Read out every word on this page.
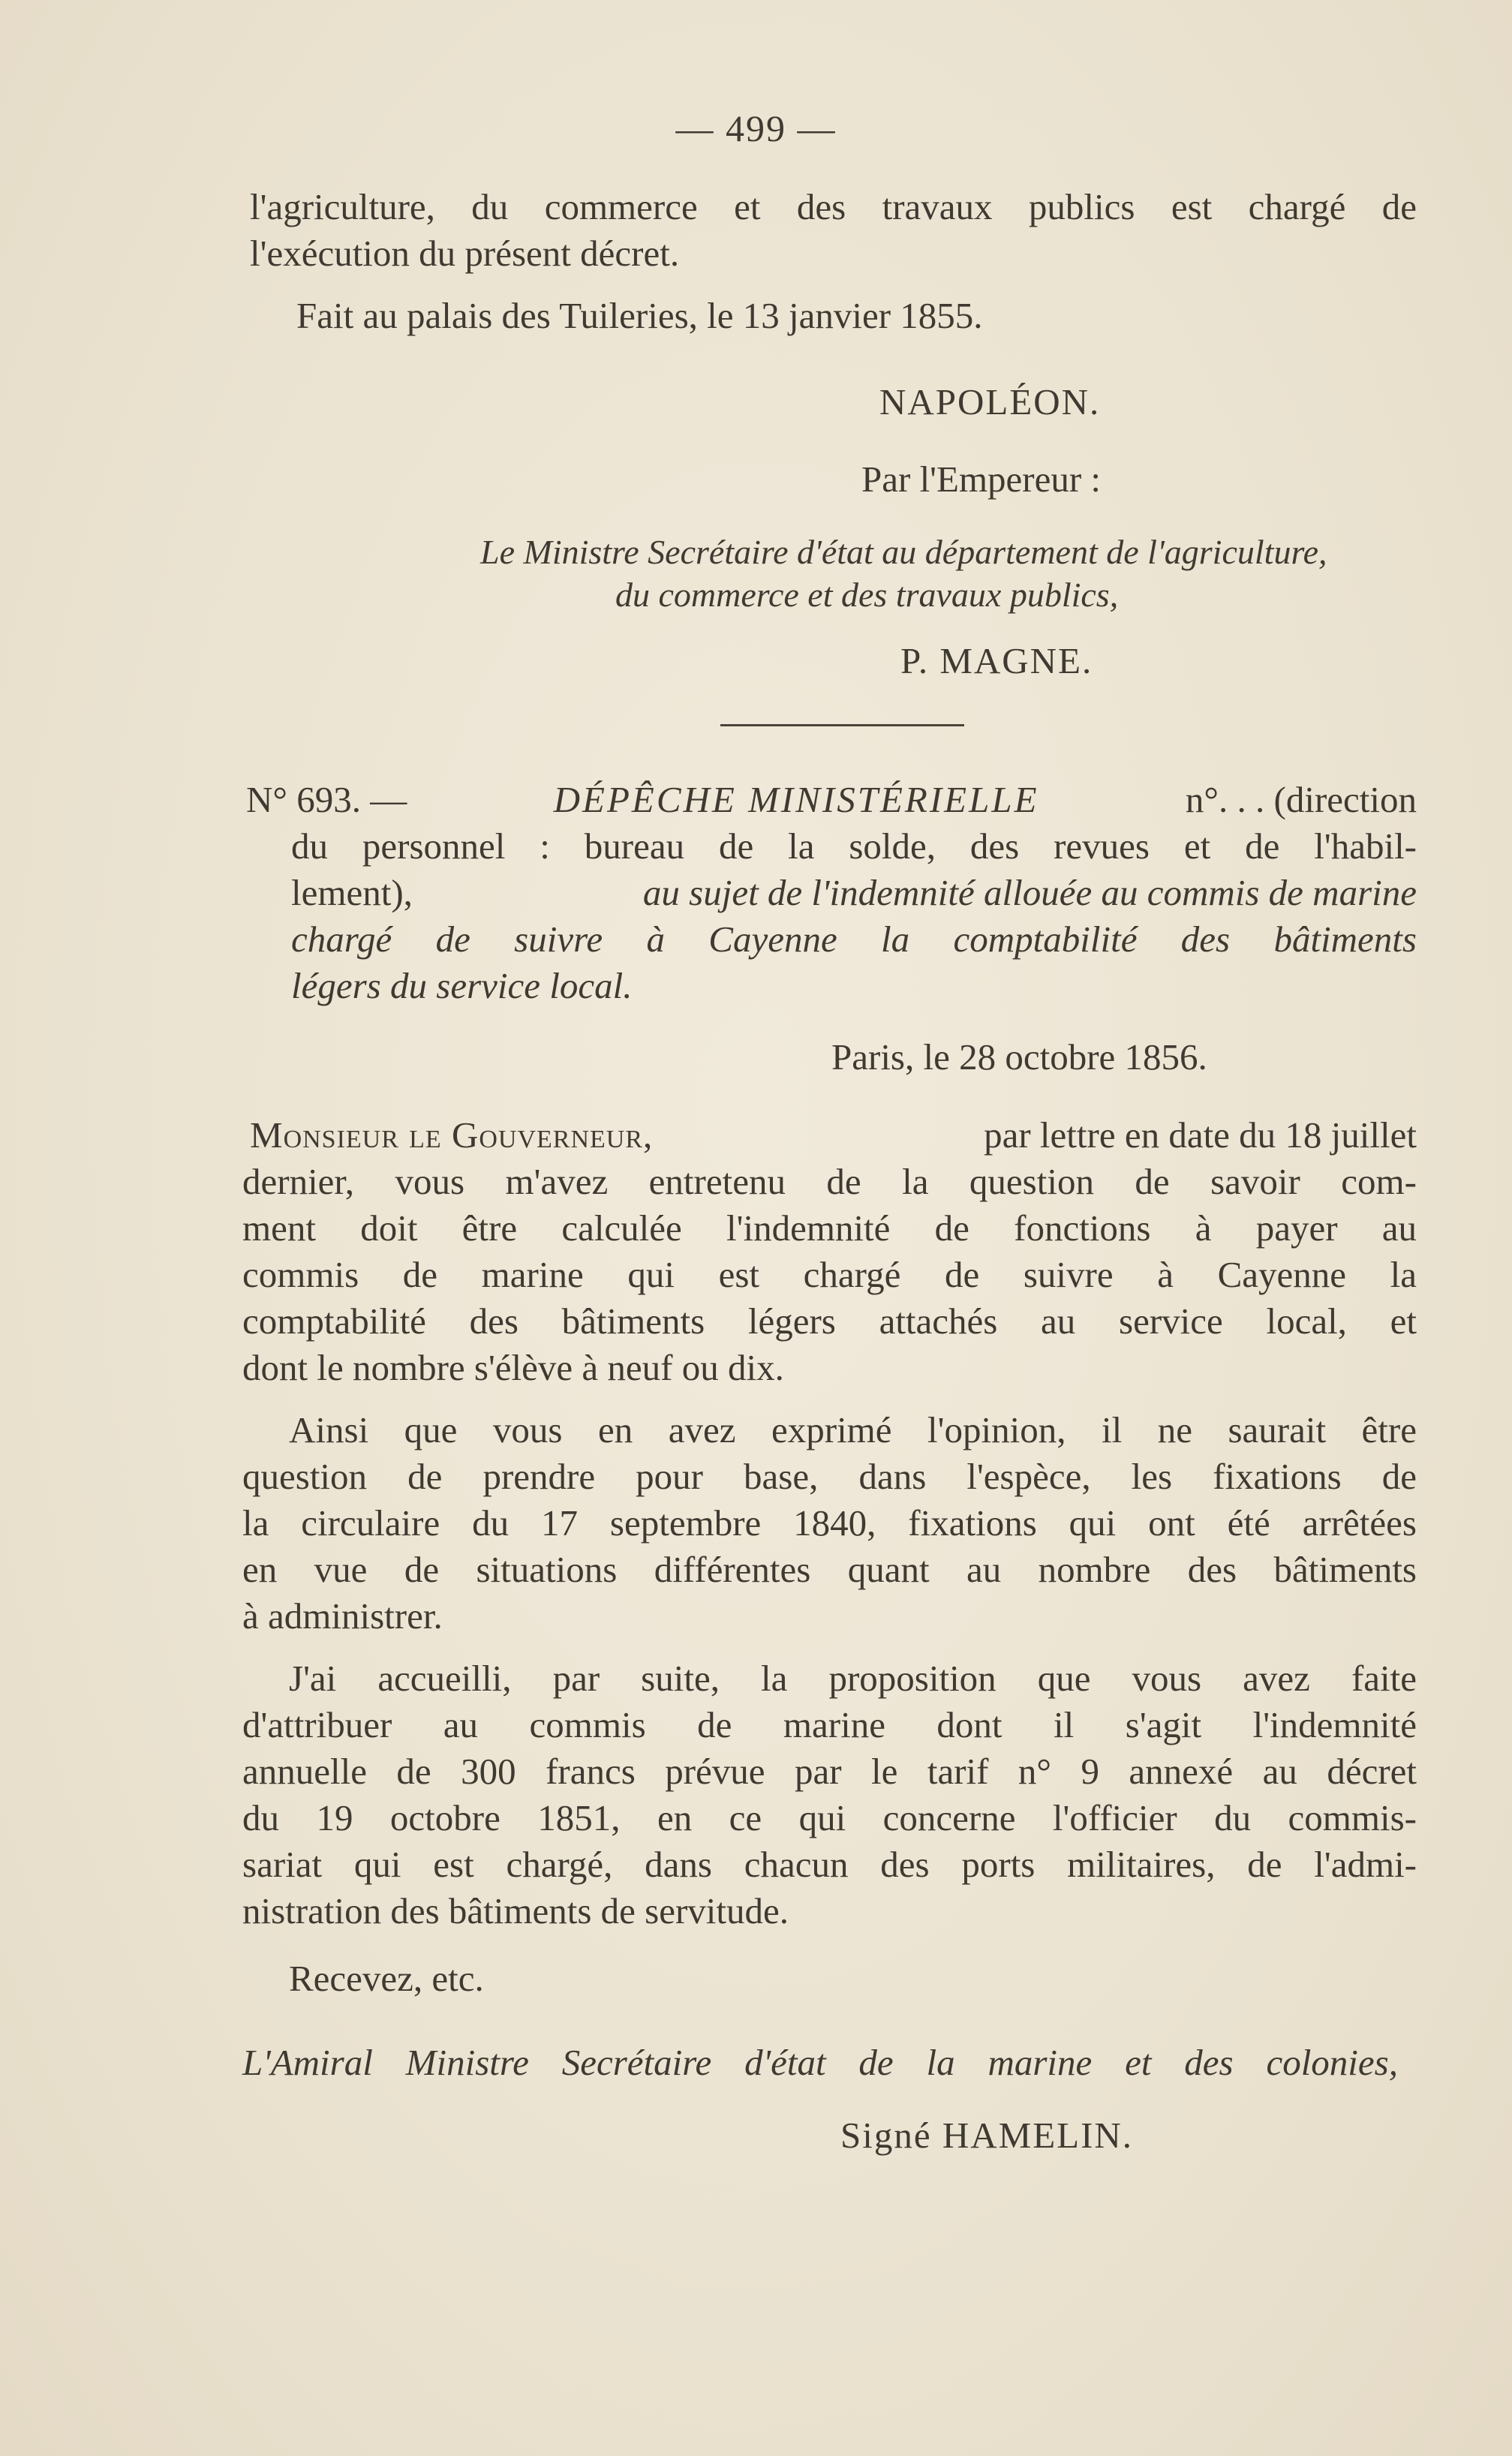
— 499 —
l'agriculture, du commerce et des travaux publics est chargé de
l'exécution du présent décret.
Fait au palais des Tuileries, le 13 janvier 1855.
NAPOLÉON.
Par l'Empereur :
Le Ministre Secrétaire d'état au département de l'agriculture,
du commerce et des travaux publics,
P. MAGNE.
N° 693. —	DÉPÊCHE MINISTÉRIELLE	n°. . . (direction
du personnel : bureau de la solde, des revues et de l'habil-
lement),	au sujet de l'indemnité allouée au commis de marine
chargé de suivre à Cayenne la comptabilité des bâtiments
légers du service local.
Paris, le 28 octobre 1856.
Monsieur le Gouverneur,	par lettre en date du 18 juillet
dernier, vous m'avez entretenu de la question de savoir com-
ment doit être calculée l'indemnité de fonctions à payer au
commis de marine qui est chargé de suivre à Cayenne la
comptabilité des bâtiments légers attachés au service local, et
dont le nombre s'élève à neuf ou dix.
Ainsi que vous en avez exprimé l'opinion, il ne saurait être
question de prendre pour base, dans l'espèce, les fixations de
la circulaire du 17 septembre 1840, fixations qui ont été arrêtées
en vue de situations différentes quant au nombre des bâtiments
à administrer.
J'ai accueilli, par suite, la proposition que vous avez faite
d'attribuer au commis de marine dont il s'agit l'indemnité
annuelle de 300 francs prévue par le tarif n° 9 annexé au décret
du 19 octobre 1851, en ce qui concerne l'officier du commis-
sariat qui est chargé, dans chacun des ports militaires, de l'admi-
nistration des bâtiments de servitude.
Recevez, etc.
L'Amiral Ministre Secrétaire d'état de la marine et des colonies,
Signé HAMELIN.
